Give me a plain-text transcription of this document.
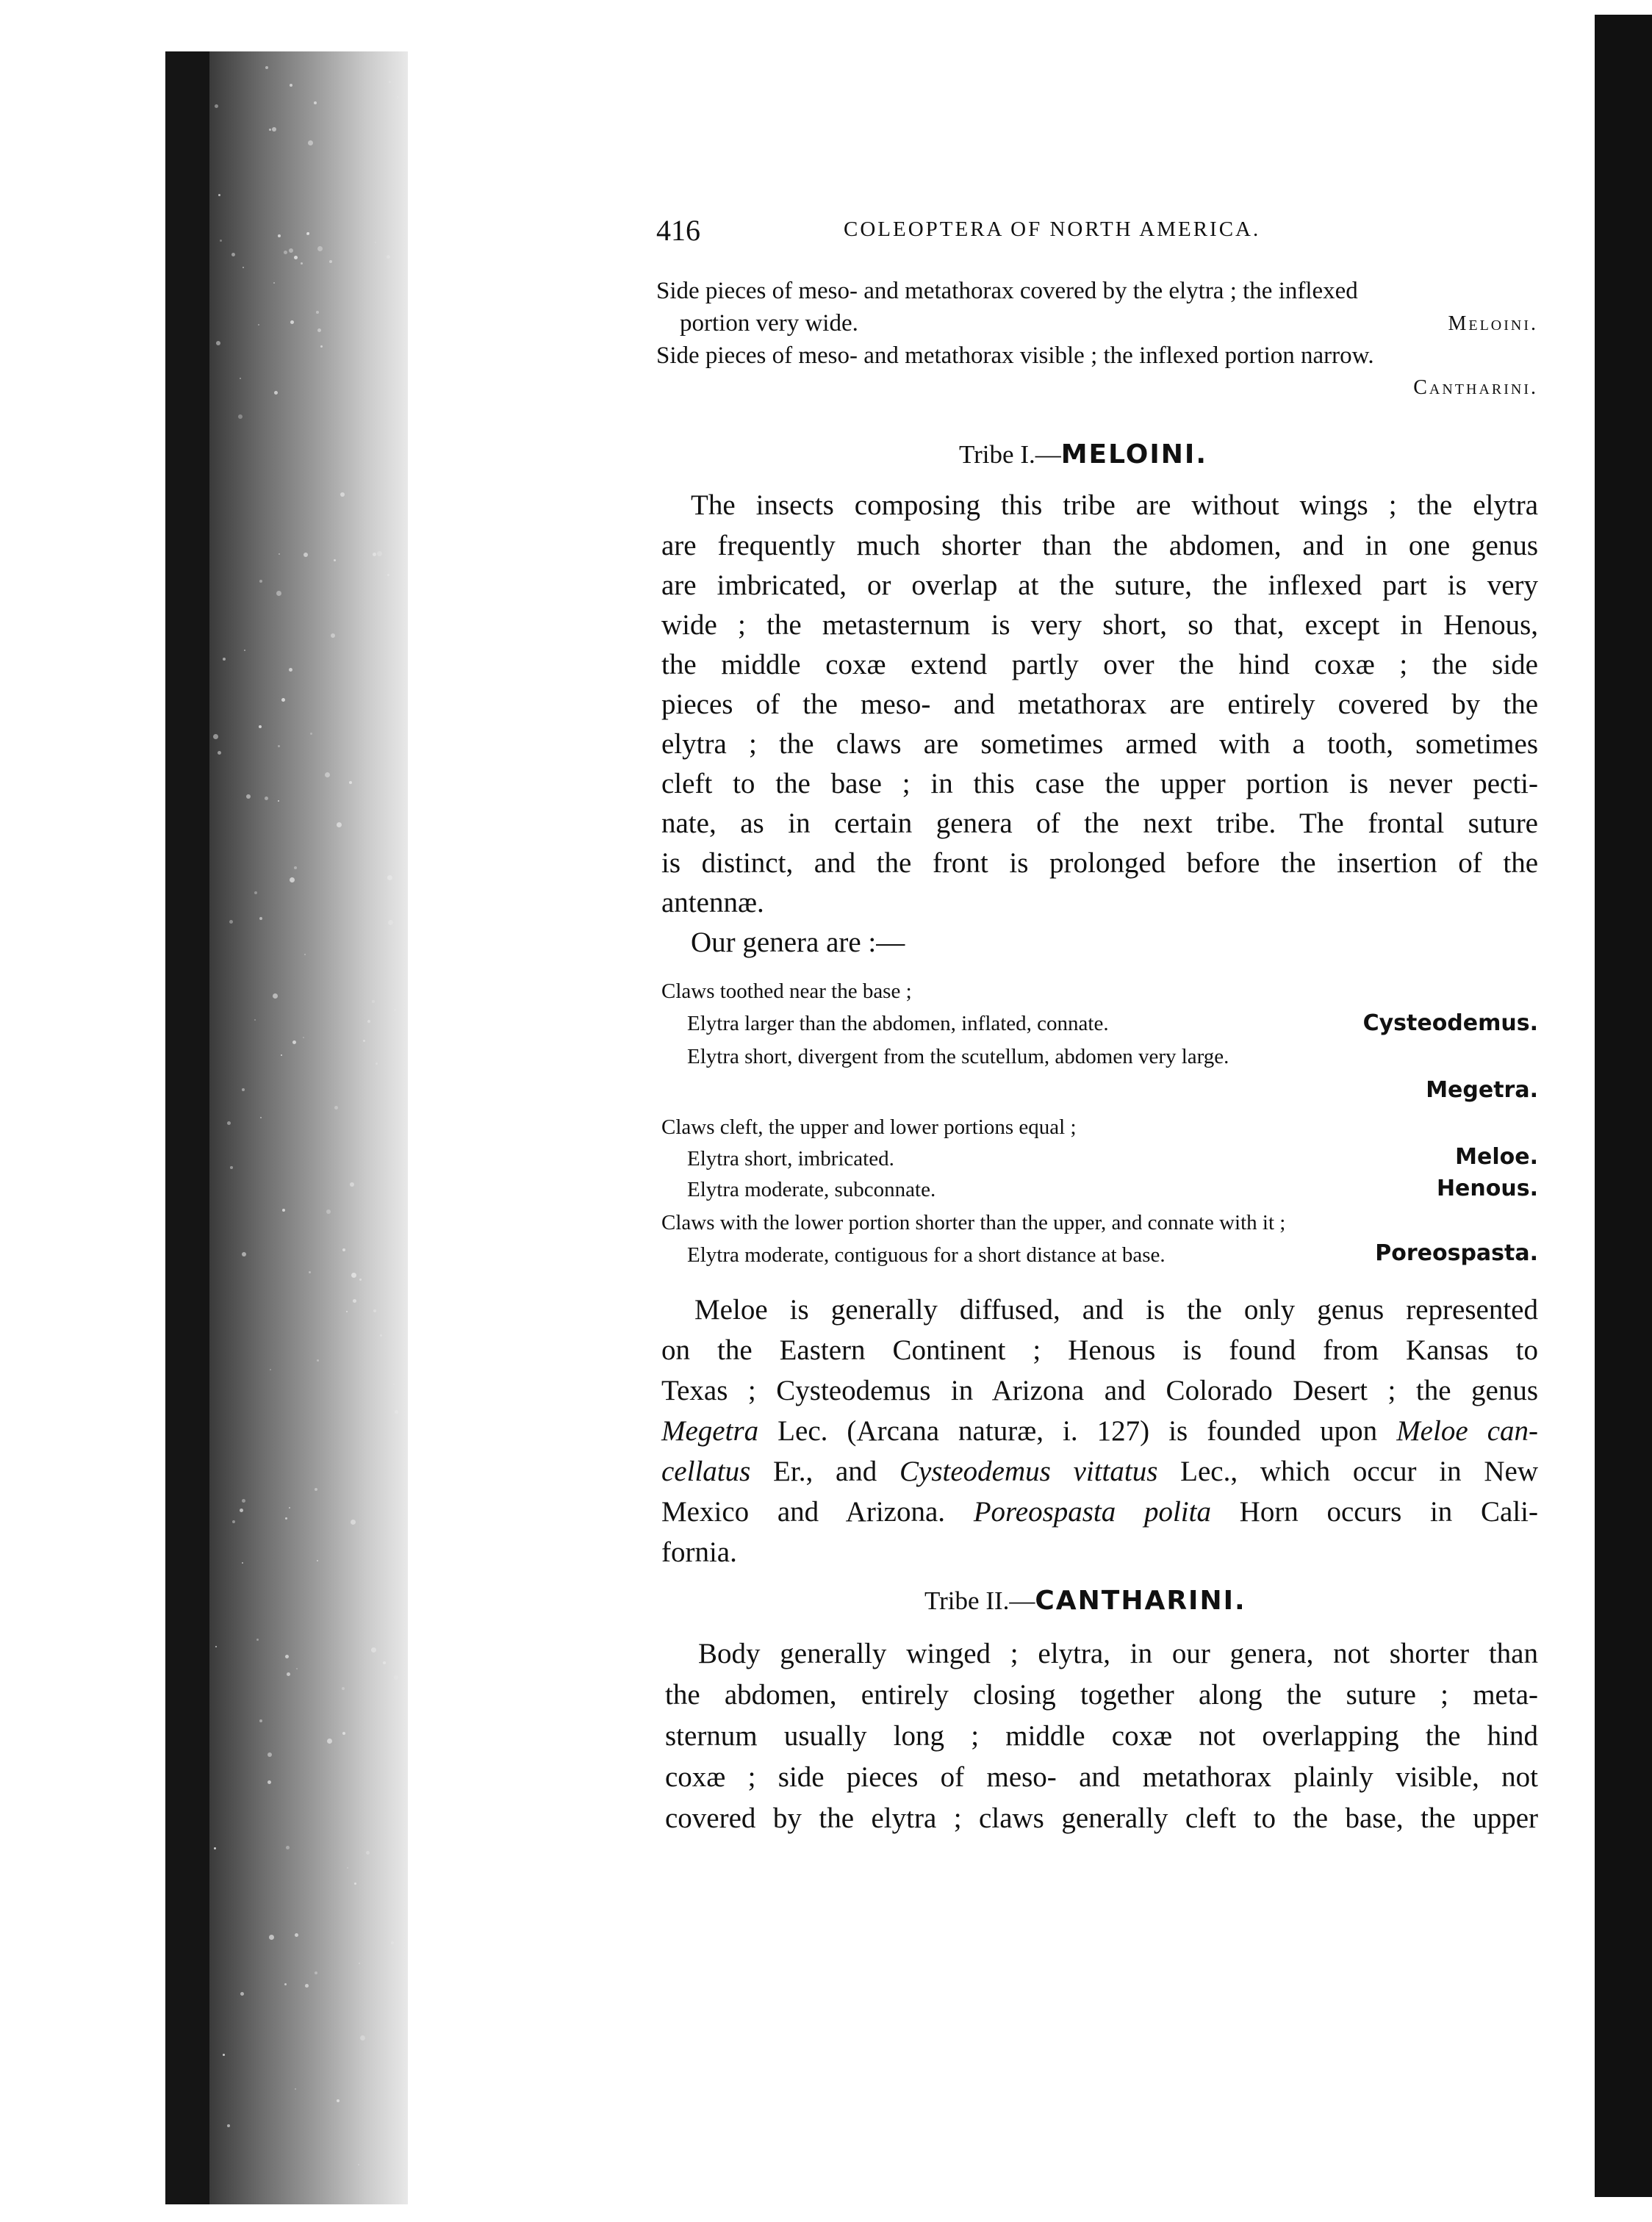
416	COLEOPTERA OF NORTH AMERICA.
Side pieces of meso- and metathorax covered by the elytra ; the inflexed
portion very wide.	Meloini.
Side pieces of meso- and metathorax visible ; the inflexed portion narrow.
Cantharini.
Tribe I.—MELOINI.
The insects composing this tribe are without wings ; the elytra
are frequently much shorter than the abdomen, and in one genus
are imbricated, or overlap at the suture, the inflexed part is very
wide ; the metasternum is very short, so that, except in Henous,
the middle coxæ extend partly over the hind coxæ ; the side
pieces of the meso- and metathorax are entirely covered by the
elytra ; the claws are sometimes armed with a tooth, sometimes
cleft to the base ; in this case the upper portion is never pecti-
nate, as in certain genera of the next tribe. The frontal suture
is distinct, and the front is prolonged before the insertion of the
antennæ.
Our genera are :—
Claws toothed near the base ;
Elytra larger than the abdomen, inflated, connate.	Cysteodemus.
Elytra short, divergent from the scutellum, abdomen very large.
Megetra.
Claws cleft, the upper and lower portions equal ;
Elytra short, imbricated.	Meloe.
Elytra moderate, subconnate.	Henous.
Claws with the lower portion shorter than the upper, and connate with it ;
Elytra moderate, contiguous for a short distance at base.	Poreospasta.
Meloe is generally diffused, and is the only genus represented
on the Eastern Continent ; Henous is found from Kansas to
Texas ; Cysteodemus in Arizona and Colorado Desert ; the genus
Megetra Lec. (Arcana naturæ, i. 127) is founded upon Meloe can-
cellatus Er., and Cysteodemus vittatus Lec., which occur in New
Mexico and Arizona. Poreospasta polita Horn occurs in Cali-
fornia.
Tribe II.—CANTHARINI.
Body generally winged ; elytra, in our genera, not shorter than
the abdomen, entirely closing together along the suture ; meta-
sternum usually long ; middle coxæ not overlapping the hind
coxæ ; side pieces of meso- and metathorax plainly visible, not
covered by the elytra ; claws generally cleft to the base, the upper
